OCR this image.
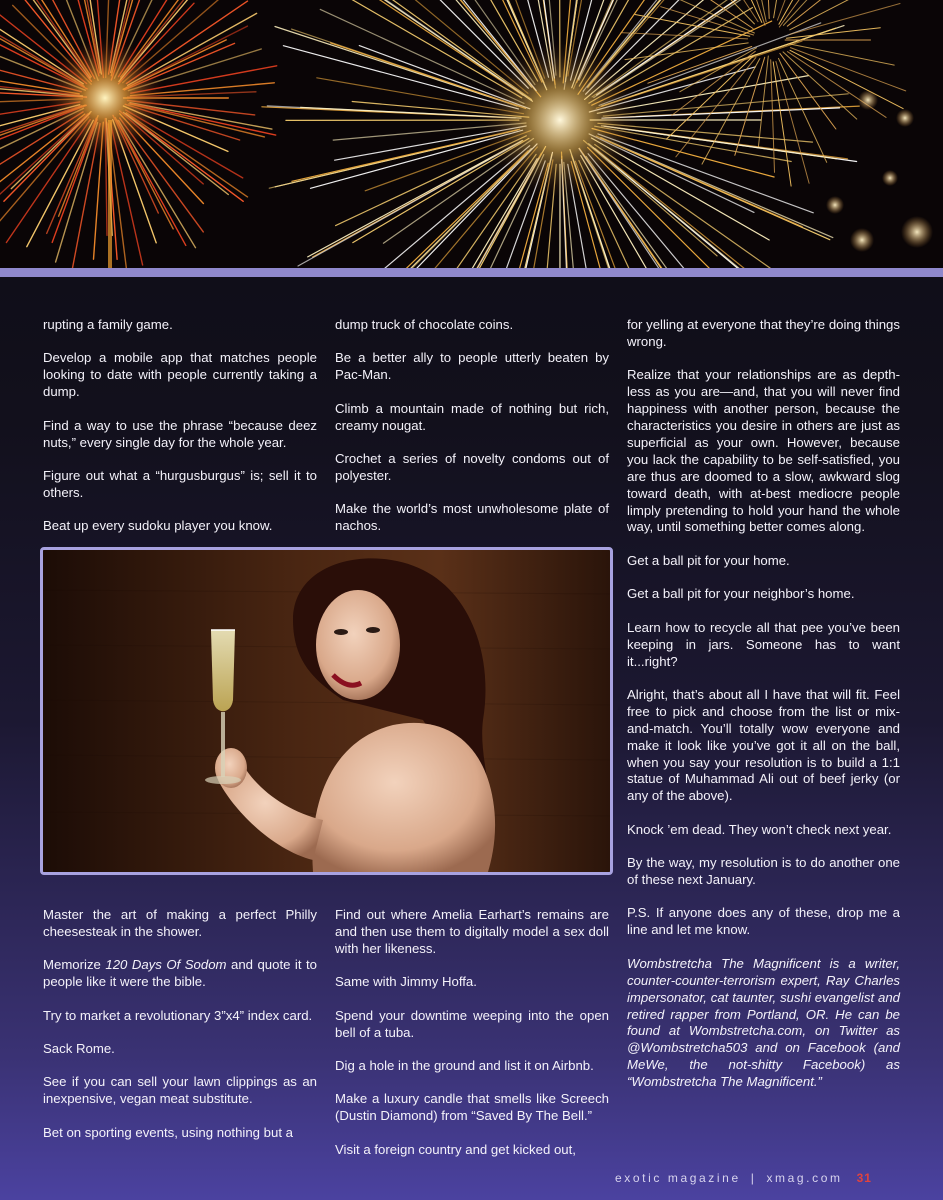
rupting a family game.

Develop a mobile app that matches people looking to date with people currently taking a dump.

Find a way to use the phrase “because deez nuts,” every single day for the whole year.

Figure out what a “hurgusburgus” is; sell it to others.

Beat up every sudoku player you know.

dump truck of chocolate coins.

Be a better ally to people utterly beaten by Pac-Man.

Climb a mountain made of nothing but rich, creamy nougat.

Crochet a series of novelty condoms out of polyester.

Make the world’s most unwholesome plate of nachos.

for yelling at everyone that they’re doing things wrong.

Realize that your relationships are as depth-less as you are—and, that you will never find happiness with another person, because the characteristics you desire in others are just as superficial as your own. However, because you lack the capability to be self-satisfied, you are thus are doomed to a slow, awkward slog toward death, with at-best mediocre people limply pretending to hold your hand the whole way, until something better comes along.

Get a ball pit for your home.

Get a ball pit for your neighbor’s home.

Learn how to recycle all that pee you’ve been keeping in jars. Someone has to want it...right?

Alright, that’s about all I have that will fit. Feel free to pick and choose from the list or mix-and-match. You’ll totally wow everyone and make it look like you’ve got it all on the ball, when you say your resolution is to build a 1:1 statue of Muhammad Ali out of beef jerky (or any of the above).

Knock ’em dead. They won’t check next year.

By the way, my resolution is to do another one of these next January.

P.S. If anyone does any of these, drop me a line and let me know.

Wombstretcha The Magnificent is a writer, counter-counter-terrorism expert, Ray Charles impersonator, cat taunter, sushi evangelist and retired rapper from Portland, OR. He can be found at Wombstretcha.com, on Twitter as @Wombstretcha503 and on Facebook (and MeWe, the not-shitty Facebook) as “Wombstretcha The Magnificent.”

Master the art of making a perfect Philly cheesesteak in the shower.

Memorize 120 Days Of Sodom and quote it to people like it were the bible.

Try to market a revolutionary 3”x4” index card.

Sack Rome.

See if you can sell your lawn clippings as an inexpensive, vegan meat substitute.

Bet on sporting events, using nothing but a

Find out where Amelia Earhart’s remains are and then use them to digitally model a sex doll with her likeness.

Same with Jimmy Hoffa.

Spend your downtime weeping into the open bell of a tuba.

Dig a hole in the ground and list it on Airbnb.

Make a luxury candle that smells like Screech (Dustin Diamond) from “Saved By The Bell.”

Visit a foreign country and get kicked out,

exotic magazine | xmag.com 31
